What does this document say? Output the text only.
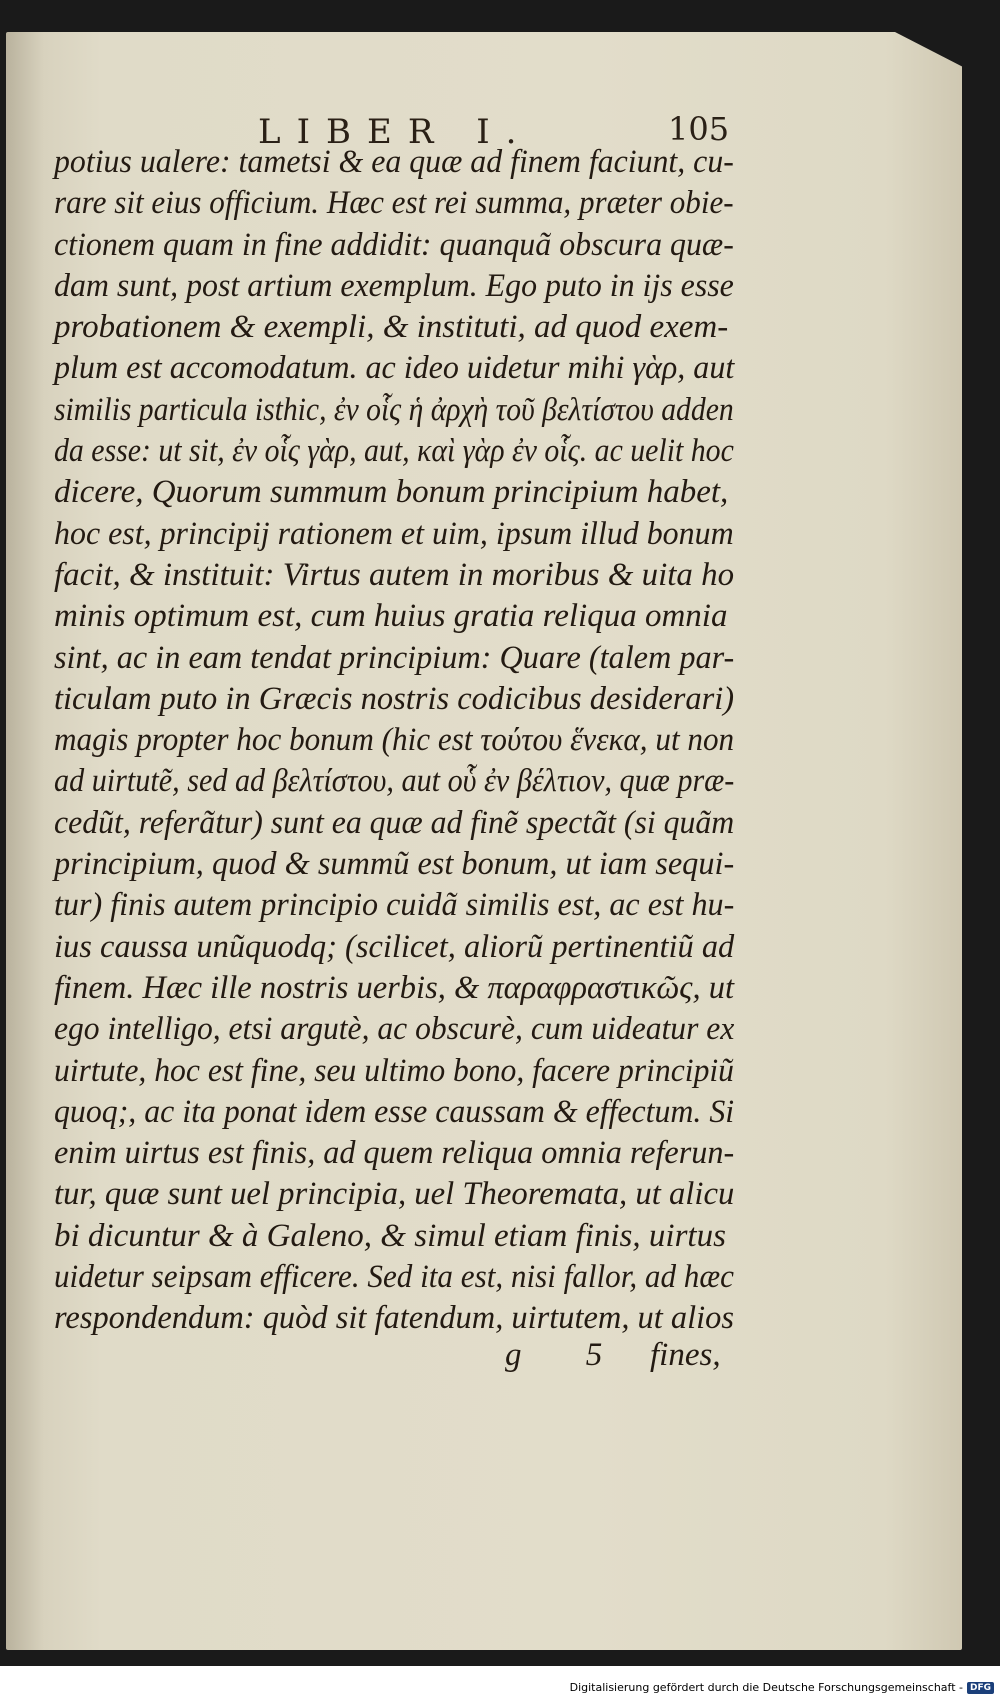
LIBER I.	105
potius ualere: tametsi & ea quæ ad finem faciunt, cu-
rare sit eius officium. Hæc est rei summa, præter obie-
ctionem quam in fine addidit: quanquã obscura quæ-
dam sunt, post artium exemplum. Ego puto in ijs esse
probationem & exempli, & instituti, ad quod exem-
plum est accomodatum. ac ideo uidetur mihi γὰρ, aut
similis particula isthic, ἐν οἷς ἡ ἀρχὴ τοῦ βελτίστου adden
da esse: ut sit, ἐν οἷς γὰρ, aut, καὶ γὰρ ἐν οἷς. ac uelit hoc
dicere, Quorum summum bonum principium habet,
hoc est, principij rationem et uim, ipsum illud bonum
facit, & instituit: Virtus autem in moribus & uita ho
minis optimum est, cum huius gratia reliqua omnia
sint, ac in eam tendat principium: Quare (talem par-
ticulam puto in Græcis nostris codicibus desiderari)
magis propter hoc bonum (hic est τούτου ἕνεκα, ut non
ad uirtutẽ, sed ad βελτίστου, aut οὗ ἐν βέλτιον, quæ præ-
cedũt, referãtur) sunt ea quæ ad finẽ spectãt (si quãm
principium, quod & summũ est bonum, ut iam sequi-
tur) finis autem principio cuidã similis est, ac est hu-
ius caussa unũquodq; (scilicet, aliorũ pertinentiũ ad
finem. Hæc ille nostris uerbis, & παραφραστικῶς, ut
ego intelligo, etsi argutè, ac obscurè, cum uideatur ex
uirtute, hoc est fine, seu ultimo bono, facere principiũ
quoq;, ac ita ponat idem esse caussam & effectum. Si
enim uirtus est finis, ad quem reliqua omnia referun-
tur, quæ sunt uel principia, uel Theoremata, ut alicu
bi dicuntur & à Galeno, & simul etiam finis, uirtus
uidetur seipsam efficere. Sed ita est, nisi fallor, ad hæc
respondendum: quòd sit fatendum, uirtutem, ut alios
g 5 fines,
Digitalisierung gefördert durch die Deutsche Forschungsgemeinschaft - DFG
